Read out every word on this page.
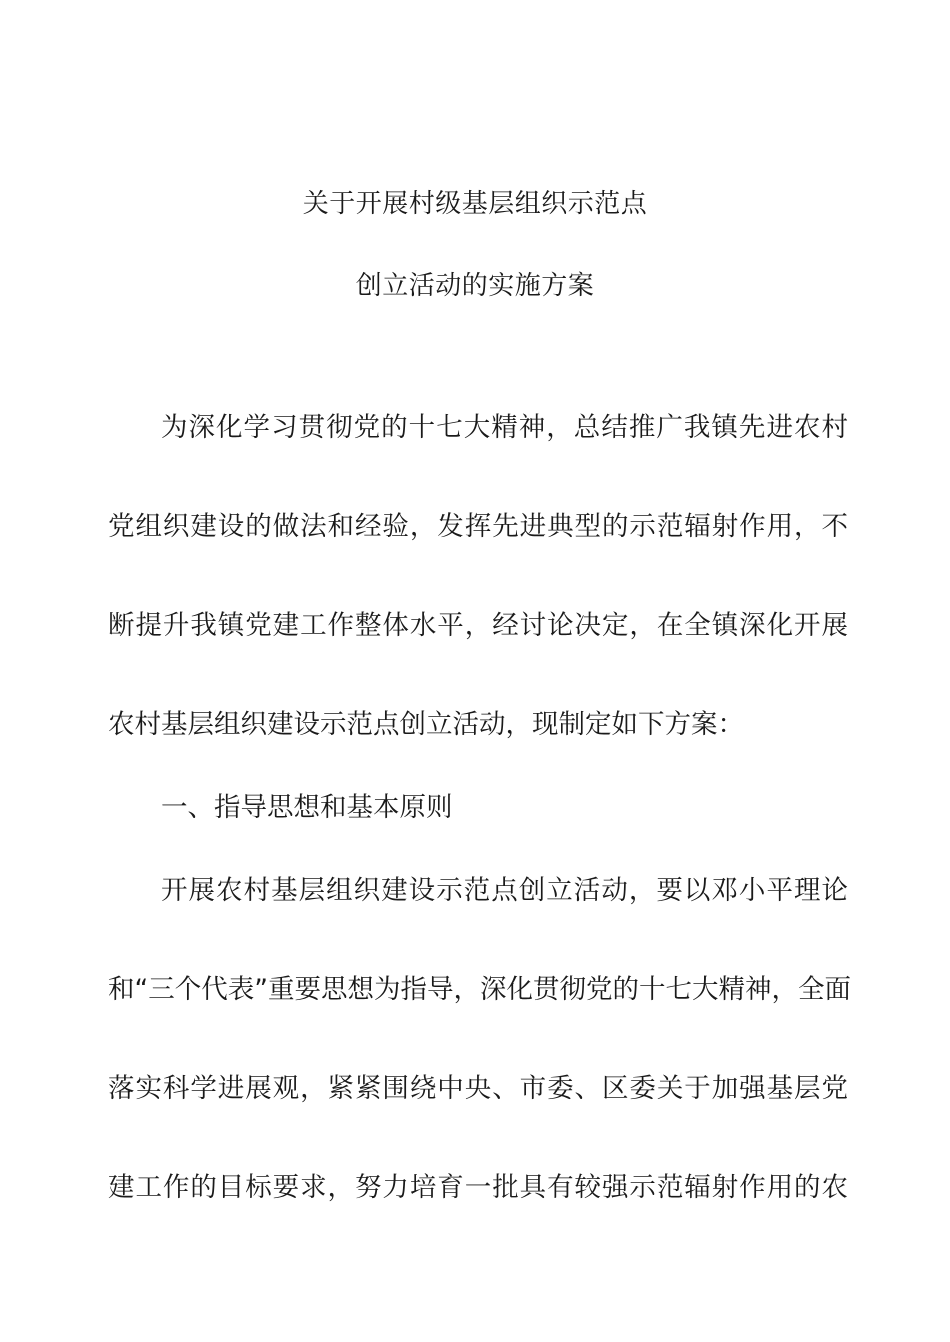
关于开展村级基层组织示范点
创立活动的实施方案
为深化学习贯彻党的十七大精神，总结推广我镇先进农村
党组织建设的做法和经验，发挥先进典型的示范辐射作用，不
断提升我镇党建工作整体水平，经讨论决定，在全镇深化开展
农村基层组织建设示范点创立活动，现制定如下方案：
一、指导思想和基本原则
开展农村基层组织建设示范点创立活动，要以邓小平理论
和“三个代表”重要思想为指导，深化贯彻党的十七大精神，全面
落实科学进展观，紧紧围绕中央、市委、区委关于加强基层党
建工作的目标要求，努力培育一批具有较强示范辐射作用的农
